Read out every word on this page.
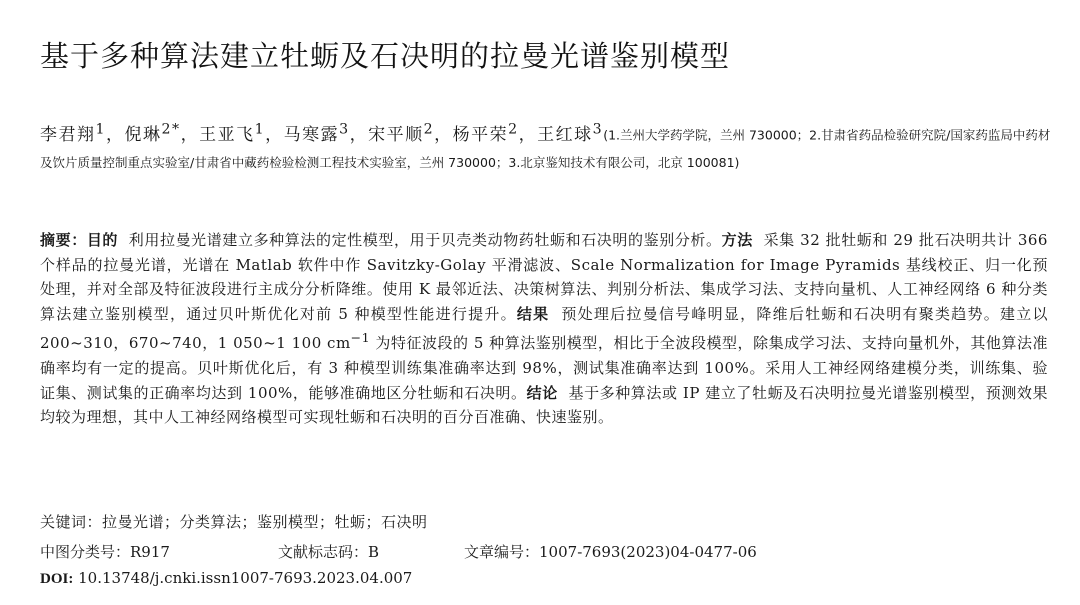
基于多种算法建立牡蛎及石决明的拉曼光谱鉴别模型
李君翔$^1$，倪琳$^{2*}$，王亚飞$^1$，马寒露$^3$，宋平顺$^2$，杨平荣$^2$，王红球$^3$(1.兰州大学药学院，兰州 730000；2.甘肃省药品检验研究院/国家药监局中药材及饮片质量控制重点实验室/甘肃省中藏药检验检测工程技术实验室，兰州 730000；3.北京鉴知技术有限公司，北京 100081)
摘要：目的 利用拉曼光谱建立多种算法的定性模型，用于贝壳类动物药牡蛎和石决明的鉴别分析。方法 采集 32 批牡蛎和 29 批石决明共计 366 个样品的拉曼光谱，光谱在 Matlab 软件中作 Savitzky-Golay 平滑滤波、Scale Normalization for Image Pyramids 基线校正、归一化预处理，并对全部及特征波段进行主成分分析降维。使用 K 最邻近法、决策树算法、判别分析法、集成学习法、支持向量机、人工神经网络 6 种分类算法建立鉴别模型，通过贝叶斯优化对前 5 种模型性能进行提升。结果 预处理后拉曼信号峰明显，降维后牡蛎和石决明有聚类趋势。建立以 200~310，670~740，1 050~1 100 $cm^{-1}$ 为特征波段的 5 种算法鉴别模型，相比于全波段模型，除集成学习法、支持向量机外，其他算法准确率均有一定的提高。贝叶斯优化后，有 3 种模型训练集准确率达到 98%，测试集准确率达到 100%。采用人工神经网络建模分类，训练集、验证集、测试集的正确率均达到 100%，能够准确地区分牡蛎和石决明。结论 基于多种算法或 IP 建立了牡蛎及石决明拉曼光谱鉴别模型，预测效果均较为理想，其中人工神经网络模型可实现牡蛎和石决明的百分百准确、快速鉴别。
关键词：拉曼光谱；分类算法；鉴别模型；牡蛎；石决明
中图分类号：R917	文献标志码：B	文章编号：1007-7693(2023)04-0477-06
DOI: 10.13748/j.cnki.issn1007-7693.2023.04.007
